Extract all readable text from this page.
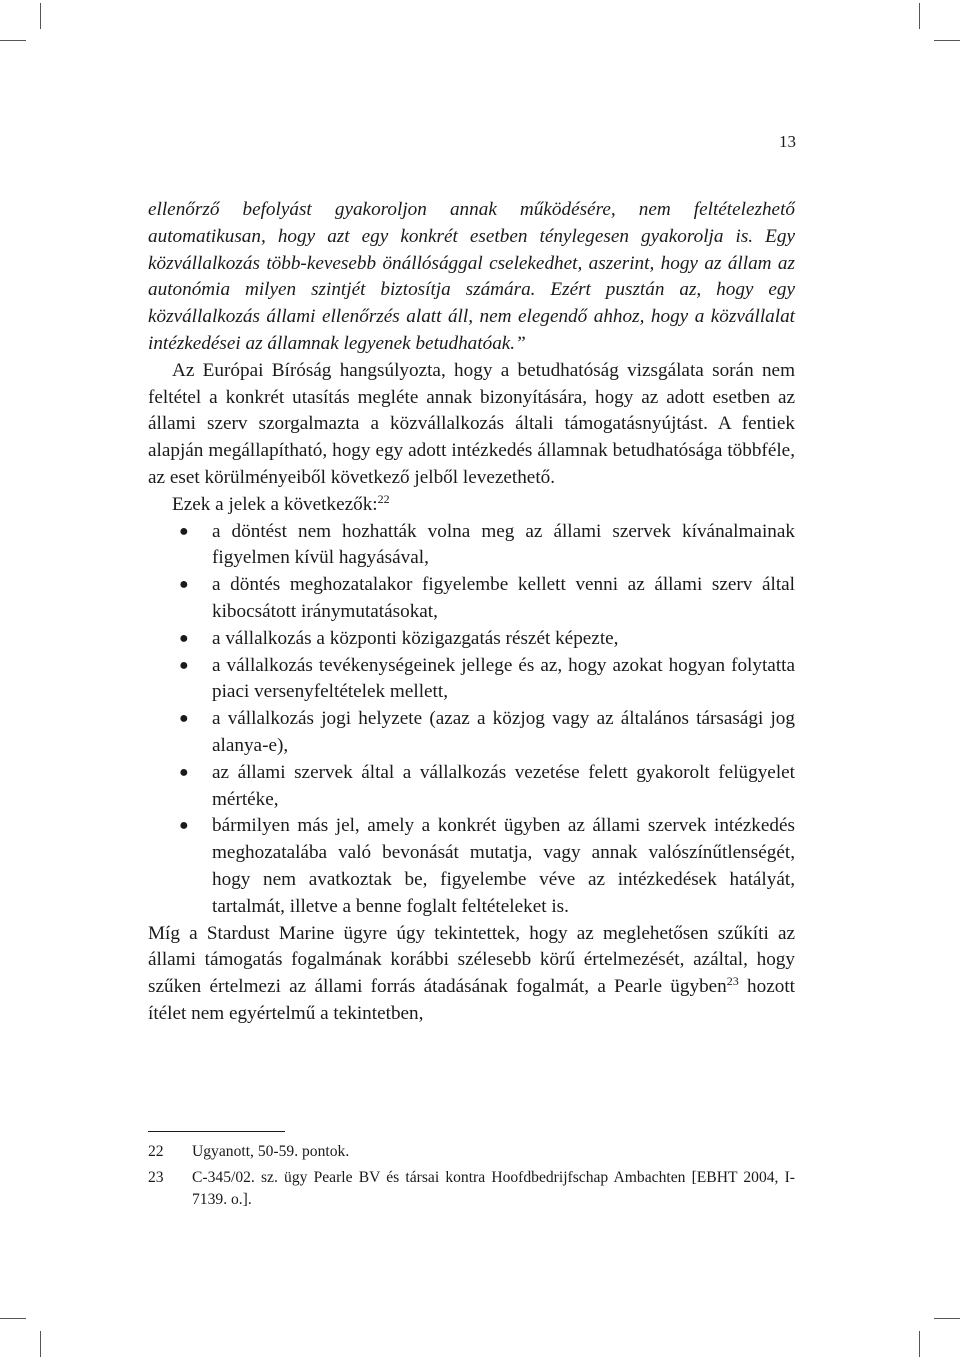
13

ellenőrző befolyást gyakoroljon annak működésére, nem feltételezhető automatikusan, hogy azt egy konkrét esetben ténylegesen gyakorolja is. Egy közvállalkozás több-kevesebb önállósággal cselekedhet, aszerint, hogy az állam az autonómia milyen szintjét biztosítja számára. Ezért pusztán az, hogy egy közvállalkozás állami ellenőrzés alatt áll, nem elegendő ahhoz, hogy a közvállalat intézkedései az államnak legyenek betudhatóak.”

Az Európai Bíróság hangsúlyozta, hogy a betudhatóság vizsgálata során nem feltétel a konkrét utasítás megléte annak bizonyítására, hogy az adott esetben az állami szerv szorgalmazta a közvállalkozás általi támogatásnyújtást. A fentiek alapján megállapítható, hogy egy adott intézkedés államnak betudhatósága többféle, az eset körülményeiből következő jelből levezethető.

Ezek a jelek a következők:$^{22}$

● a döntést nem hozhatták volna meg az állami szervek kívánalmainak figyelmen kívül hagyásával,
● a döntés meghozatalakor figyelembe kellett venni az állami szerv által kibocsátott iránymutatásokat,
● a vállalkozás a központi közigazgatás részét képezte,
● a vállalkozás tevékenységeinek jellege és az, hogy azokat hogyan folytatta piaci versenyfeltételek mellett,
● a vállalkozás jogi helyzete (azaz a közjog vagy az általános társasági jog alanya-e),
● az állami szervek által a vállalkozás vezetése felett gyakorolt felügyelet mértéke,
● bármilyen más jel, amely a konkrét ügyben az állami szervek intézkedés meghozatalába való bevonását mutatja, vagy annak valószínűtlenségét, hogy nem avatkoztak be, figyelembe véve az intézkedések hatályát, tartalmát, illetve a benne foglalt feltételeket is.

Míg a Stardust Marine ügyre úgy tekintettek, hogy az meglehetősen szűkíti az állami támogatás fogalmának korábbi szélesebb körű értelmezését, azáltal, hogy szűken értelmezi az állami forrás átadásának fogalmát, a Pearle ügyben$^{23}$ hozott ítélet nem egyértelmű a tekintetben,

22 Ugyanott, 50-59. pontok.
23 C-345/02. sz. ügy Pearle BV és társai kontra Hoofdbedrijfschap Ambachten [EBHT 2004, I-7139. o.].
